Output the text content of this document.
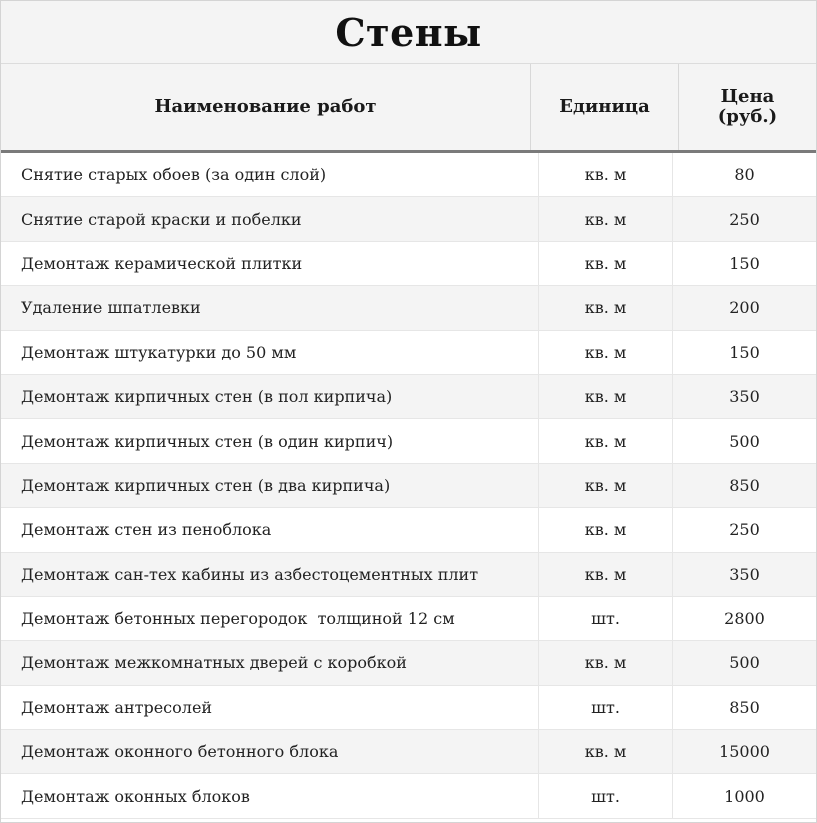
Стены
Наименование работ	Единица	Цена
(руб.)
Снятие старых обоев (за один слой)	кв. м	80
Снятие старой краски и побелки	кв. м	250
Демонтаж керамической плитки	кв. м	150
Удаление шпатлевки	кв. м	200
Демонтаж штукатурки до 50 мм	кв. м	150
Демонтаж кирпичных стен (в пол кирпича)	кв. м	350
Демонтаж кирпичных стен (в один кирпич)	кв. м	500
Демонтаж кирпичных стен (в два кирпича)	кв. м	850
Демонтаж стен из пеноблока	кв. м	250
Демонтаж сан-тех кабины из азбестоцементных плит	кв. м	350
Демонтаж бетонных перегородок  толщиной 12 см	шт.	2800
Демонтаж межкомнатных дверей с коробкой	кв. м	500
Демонтаж антресолей	шт.	850
Демонтаж оконного бетонного блока	кв. м	15000
Демонтаж оконных блоков	шт.	1000
